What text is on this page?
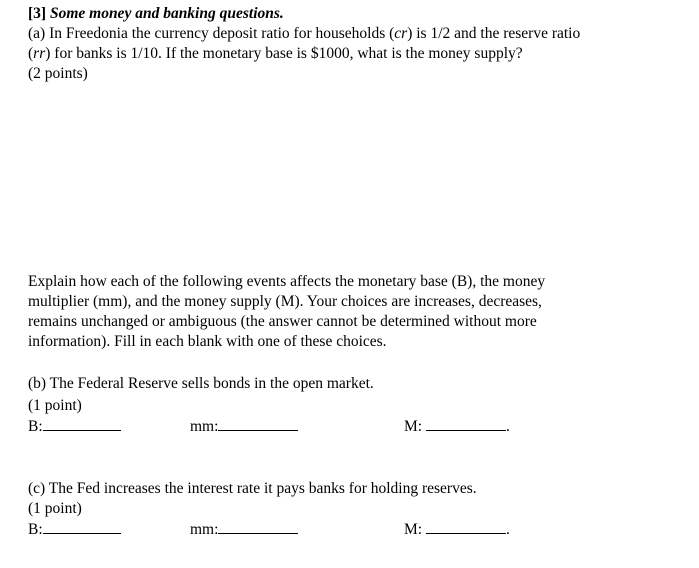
[3] Some money and banking questions.
(a) In Freedonia the currency deposit ratio for households (cr) is 1/2 and the reserve ratio
(rr) for banks is 1/10. If the monetary base is $1000, what is the money supply?
(2 points)
Explain how each of the following events affects the monetary base (B), the money
multiplier (mm), and the money supply (M). Your choices are increases, decreases,
remains unchanged or ambiguous (the answer cannot be determined without more
information). Fill in each blank with one of these choices.
(b) The Federal Reserve sells bonds in the open market.
(1 point)
B:	mm:	M:	.
(c) The Fed increases the interest rate it pays banks for holding reserves.
(1 point)
B:	mm:	M:	.
